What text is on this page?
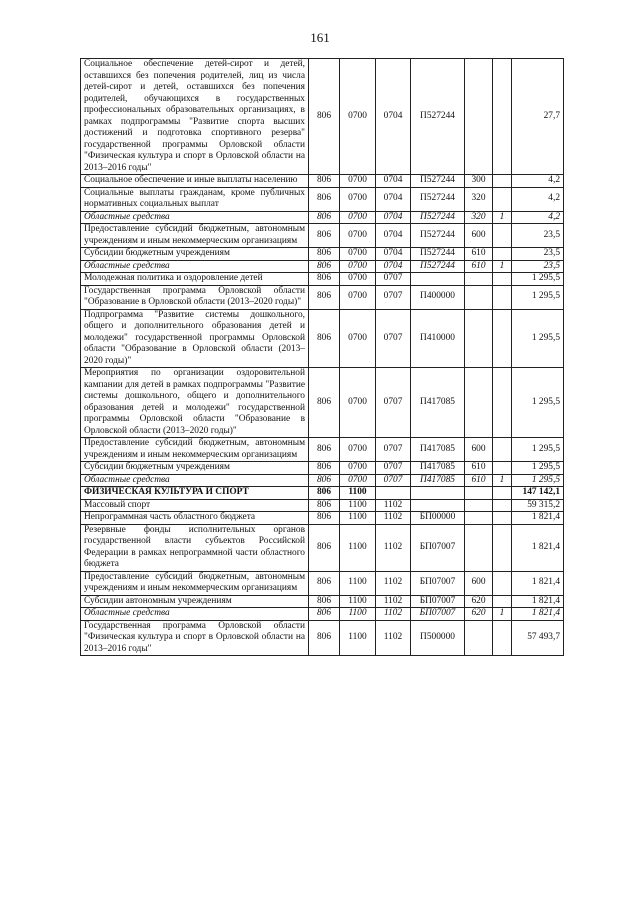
161
Социальное обеспечение детей-сирот и детей, оставшихся без попечения родителей, лиц из числа детей-сирот и детей, оставшихся без попечения родителей, обучающихся в государственных профессиональных образовательных организациях, в рамках подпрограммы "Развитие спорта высших достижений и подготовка спортивного резерва" государственной программы Орловской области "Физическая культура и спорт в Орловской области на 2013–2016 годы"	806	0700	0704	П527244			27,7
Социальное обеспечение и иные выплаты населению	806	0700	0704	П527244	300		4,2
Социальные выплаты гражданам, кроме публичных нормативных социальных выплат	806	0700	0704	П527244	320		4,2
Областные средства	806	0700	0704	П527244	320	1	4,2
Предоставление субсидий бюджетным, автономным учреждениям и иным некоммерческим организациям	806	0700	0704	П527244	600		23,5
Субсидии бюджетным учреждениям	806	0700	0704	П527244	610		23,5
Областные средства	806	0700	0704	П527244	610	1	23,5
Молодежная политика и оздоровление детей	806	0700	0707				1 295,5
Государственная программа Орловской области "Образование в Орловской области (2013–2020 годы)"	806	0700	0707	П400000			1 295,5
Подпрограмма "Развитие системы дошкольного, общего и дополнительного образования детей и молодежи" государственной программы Орловской области "Образование в Орловской области (2013–2020 годы)"	806	0700	0707	П410000			1 295,5
Мероприятия по организации оздоровительной кампании для детей в рамках подпрограммы "Развитие системы дошкольного, общего и дополнительного образования детей и молодежи" государственной программы Орловской области "Образование в Орловской области (2013–2020 годы)"	806	0700	0707	П417085			1 295,5
Предоставление субсидий бюджетным, автономным учреждениям и иным некоммерческим организациям	806	0700	0707	П417085	600		1 295,5
Субсидии бюджетным учреждениям	806	0700	0707	П417085	610		1 295,5
Областные средства	806	0700	0707	П417085	610	1	1 295,5
ФИЗИЧЕСКАЯ КУЛЬТУРА И СПОРТ	806	1100					147 142,1
Массовый спорт	806	1100	1102				59 315,2
Непрограммная часть областного бюджета	806	1100	1102	БП00000			1 821,4
Резервные фонды исполнительных органов государственной власти субъектов Российской Федерации в рамках непрограммной части областного бюджета	806	1100	1102	БП07007			1 821,4
Предоставление субсидий бюджетным, автономным учреждениям и иным некоммерческим организациям	806	1100	1102	БП07007	600		1 821,4
Субсидии автономным учреждениям	806	1100	1102	БП07007	620		1 821,4
Областные средства	806	1100	1102	БП07007	620	1	1 821,4
Государственная программа Орловской области "Физическая культура и спорт в Орловской области на 2013–2016 годы"	806	1100	1102	П500000			57 493,7
